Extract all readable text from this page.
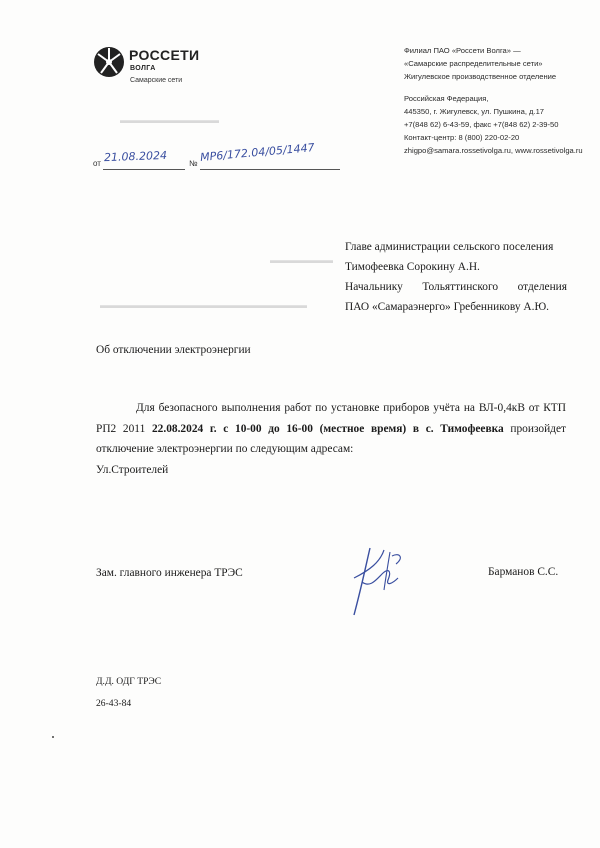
▬▬▬▬▬▬▬▬▬▬▬
▬▬▬▬▬▬▬
▬▬▬▬▬▬▬▬▬▬▬▬▬▬▬▬▬▬▬▬▬▬▬
РОССЕТИ
ВОЛГА
Самарские сети
Филиал ПАО «Россети Волга» —
«Самарские распределительные сети»
Жигулевское производственное отделение
Российская Федерация,
445350, г. Жигулевск, ул. Пушкина, д.17
+7(848 62) 6-43-59, факс +7(848 62) 2-39-50
Контакт-центр: 8 (800) 220-02-20
zhigpo@samara.rossetivolga.ru, www.rossetivolga.ru
от 21.08.2024	№ МР6/172.04/05/1447
Главе администрации сельского поселения
Тимофеевка Сорокину А.Н.
Начальнику Тольяттинского отделения
ПАО «Самараэнерго» Гребенникову А.Ю.
Об отключении электроэнергии
Для безопасного выполнения работ по установке приборов учёта на ВЛ-0,4кВ от КТП РП2 2011 22.08.2024 г. с 10-00 до 16-00 (местное время) в с. Тимофеевка произойдет отключение электроэнергии по следующим адресам:
Ул.Строителей
Зам. главного инженера ТРЭС	Барманов С.С.
Д.Д. ОДГ ТРЭС
26-43-84
